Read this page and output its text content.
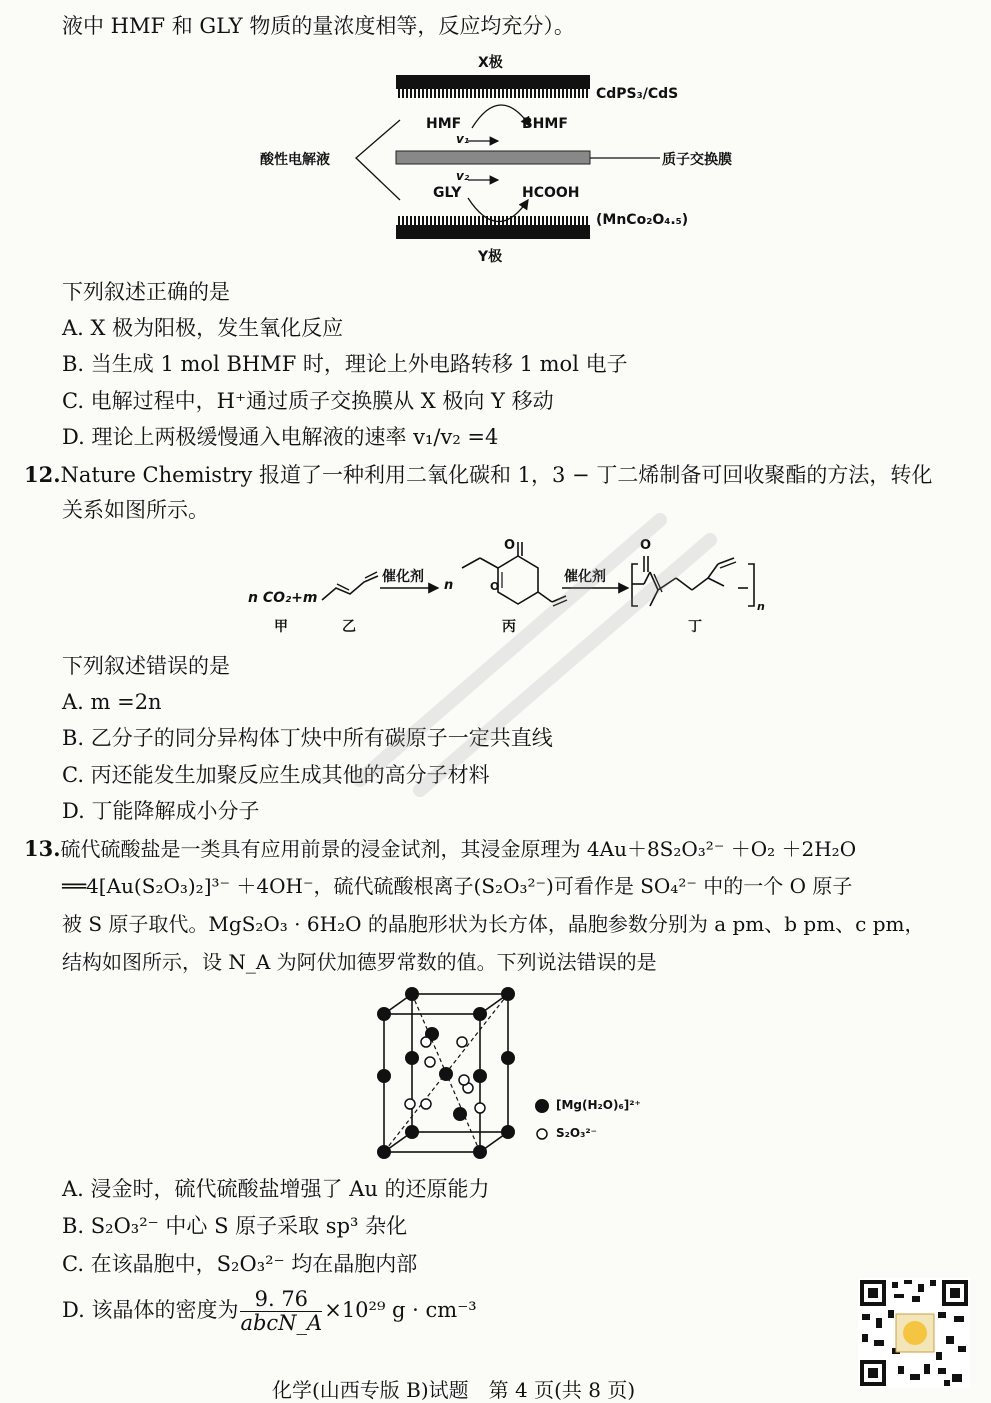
液中 HMF 和 GLY 物质的量浓度相等，反应均充分）。
X极
CdPS₃/CdS
HMF	BHMF
v₁
酸性电解液	质子交换膜
v₂
GLY	HCOOH
(MnCo₂O₄.₅)
Y极
下列叙述正确的是
A. X 极为阳极，发生氧化反应
B. 当生成 1 mol BHMF 时，理论上外电路转移 1 mol 电子
C. 电解过程中，H⁺通过质子交换膜从 X 极向 Y 移动
D. 理论上两极缓慢通入电解液的速率 v₁/v₂ =4
12.Nature Chemistry 报道了一种利用二氧化碳和 1，3 − 丁二烯制备可回收聚酯的方法，转化
关系如图所示。
n CO₂+m
催化剂
n
O
O
催化剂
O
n
甲	乙	丙	丁
下列叙述错误的是
A. m =2n
B. 乙分子的同分异构体丁炔中所有碳原子一定共直线
C. 丙还能发生加聚反应生成其他的高分子材料
D. 丁能降解成小分子
13.硫代硫酸盐是一类具有应用前景的浸金试剂，其浸金原理为 4Au＋8S₂O₃²⁻ ＋O₂ ＋2H₂O
══4[Au(S₂O₃)₂]³⁻ ＋4OH⁻，硫代硫酸根离子(S₂O₃²⁻)可看作是 SO₄²⁻ 中的一个 O 原子
被 S 原子取代。MgS₂O₃ · 6H₂O 的晶胞形状为长方体，晶胞参数分别为 a pm、b pm、c pm，
结构如图所示，设 N_A 为阿伏加德罗常数的值。下列说法错误的是
[Mg(H₂O)₆]²⁺
S₂O₃²⁻
A. 浸金时，硫代硫酸盐增强了 Au 的还原能力
B. S₂O₃²⁻ 中心 S 原子采取 sp³ 杂化
C. 在该晶胞中，S₂O₃²⁻ 均在晶胞内部
D. 该晶体的密度为 $\frac{9. 76}{\text{abcN\_A}} \times 10^{29}$ g · cm⁻³
化学(山西专版 B)试题　第 4 页(共 8 页)
